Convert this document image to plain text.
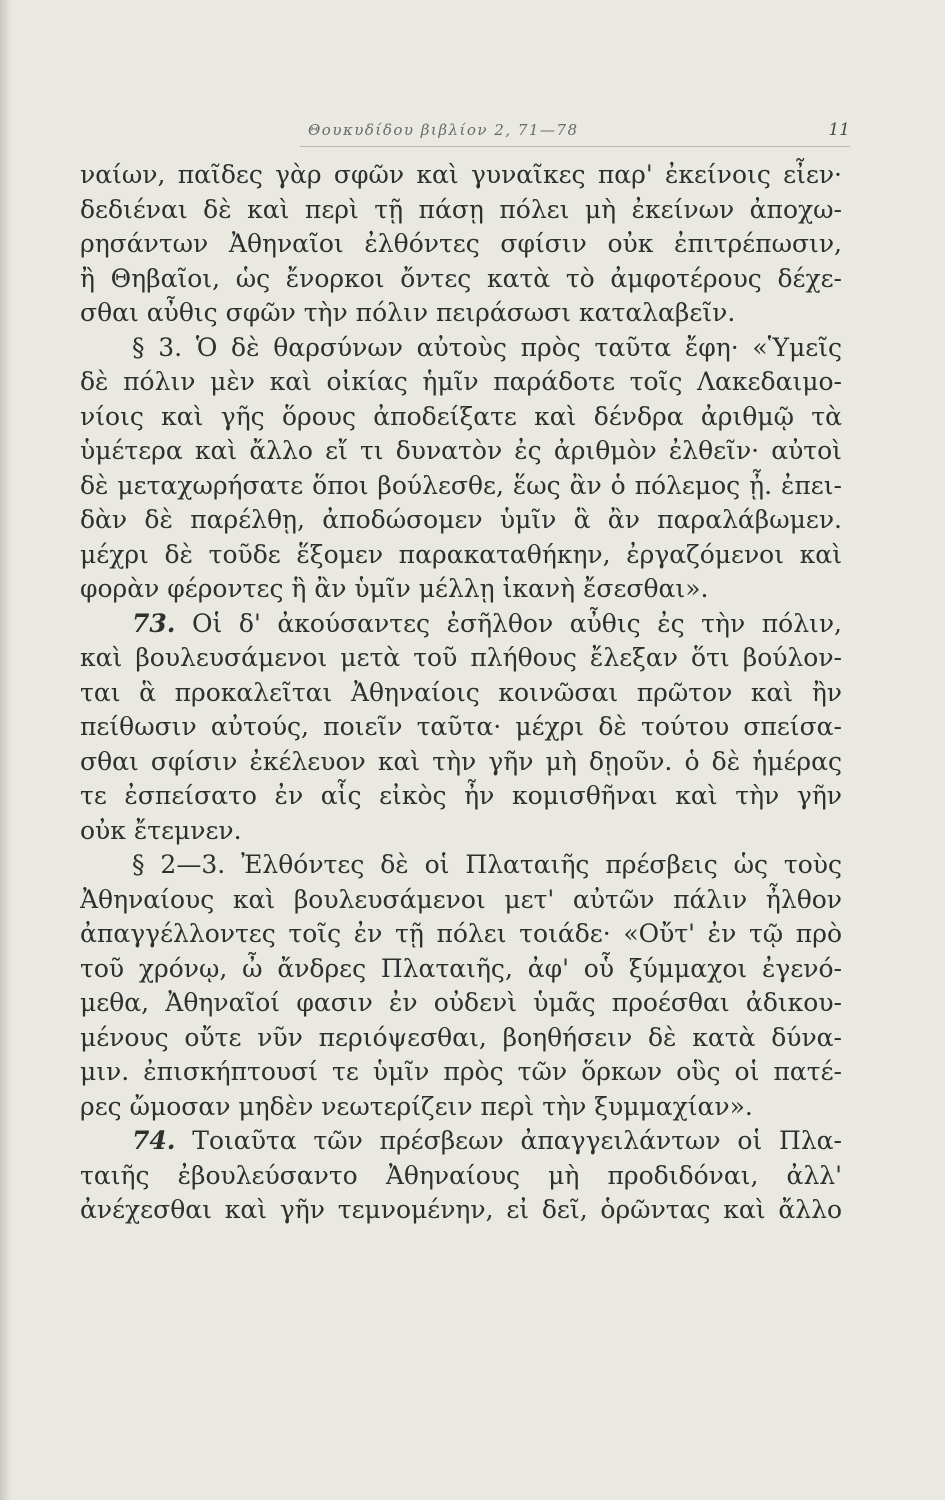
Θουκυδίδου βιβλίον 2, 71—78	11
ναίων, παῖδες γὰρ σφῶν καὶ γυναῖκες παρ' ἐκείνοις εἶεν·
δεδιέναι δὲ καὶ περὶ τῇ πάσῃ πόλει μὴ ἐκείνων ἀποχω-
ρησάντων Ἀθηναῖοι ἐλθόντες σφίσιν οὐκ ἐπιτρέπωσιν,
ἢ Θηβαῖοι, ὡς ἔνορκοι ὄντες κατὰ τὸ ἀμφοτέρους δέχε-
σθαι αὖθις σφῶν τὴν πόλιν πειράσωσι καταλαβεῖν.
§ 3. Ὁ δὲ θαρσύνων αὐτοὺς πρὸς ταῦτα ἔφη· «Ὑμεῖς
δὲ πόλιν μὲν καὶ οἰκίας ἡμῖν παράδοτε τοῖς Λακεδαιμο-
νίοις καὶ γῆς ὅρους ἀποδείξατε καὶ δένδρα ἀριθμῷ τὰ
ὑμέτερα καὶ ἄλλο εἴ τι δυνατὸν ἐς ἀριθμὸν ἐλθεῖν· αὐτοὶ
δὲ μεταχωρήσατε ὅποι βούλεσθε, ἕως ἂν ὁ πόλεμος ᾖ. ἐπει-
δὰν δὲ παρέλθῃ, ἀποδώσομεν ὑμῖν ἃ ἂν παραλάβωμεν.
μέχρι δὲ τοῦδε ἕξομεν παρακαταθήκην, ἐργαζόμενοι καὶ
φορὰν φέροντες ἣ ἂν ὑμῖν μέλλῃ ἱκανὴ ἔσεσθαι».
73. Οἱ δ' ἀκούσαντες ἐσῆλθον αὖθις ἐς τὴν πόλιν,
καὶ βουλευσάμενοι μετὰ τοῦ πλήθους ἔλεξαν ὅτι βούλον-
ται ἃ προκαλεῖται Ἀθηναίοις κοινῶσαι πρῶτον καὶ ἢν
πείθωσιν αὐτούς, ποιεῖν ταῦτα· μέχρι δὲ τούτου σπείσα-
σθαι σφίσιν ἐκέλευον καὶ τὴν γῆν μὴ δῃοῦν. ὁ δὲ ἡμέρας
τε ἐσπείσατο ἐν αἷς εἰκὸς ἦν κομισθῆναι καὶ τὴν γῆν
οὐκ ἔτεμνεν.
§ 2—3. Ἐλθόντες δὲ οἱ Πλαταιῆς πρέσβεις ὡς τοὺς
Ἀθηναίους καὶ βουλευσάμενοι μετ' αὐτῶν πάλιν ἦλθον
ἀπαγγέλλοντες τοῖς ἐν τῇ πόλει τοιάδε· «Οὔτ' ἐν τῷ πρὸ
τοῦ χρόνῳ, ὦ ἄνδρες Πλαταιῆς, ἀφ' οὗ ξύμμαχοι ἐγενό-
μεθα, Ἀθηναῖοί φασιν ἐν οὐδενὶ ὑμᾶς προέσθαι ἀδικου-
μένους οὔτε νῦν περιόψεσθαι, βοηθήσειν δὲ κατὰ δύνα-
μιν. ἐπισκήπτουσί τε ὑμῖν πρὸς τῶν ὅρκων οὓς οἱ πατέ-
ρες ὤμοσαν μηδὲν νεωτερίζειν περὶ τὴν ξυμμαχίαν».
74. Τοιαῦτα τῶν πρέσβεων ἀπαγγειλάντων οἱ Πλα-
ταιῆς ἐβουλεύσαντο Ἀθηναίους μὴ προδιδόναι, ἀλλ'
ἀνέχεσθαι καὶ γῆν τεμνομένην, εἰ δεῖ, ὁρῶντας καὶ ἄλλο
